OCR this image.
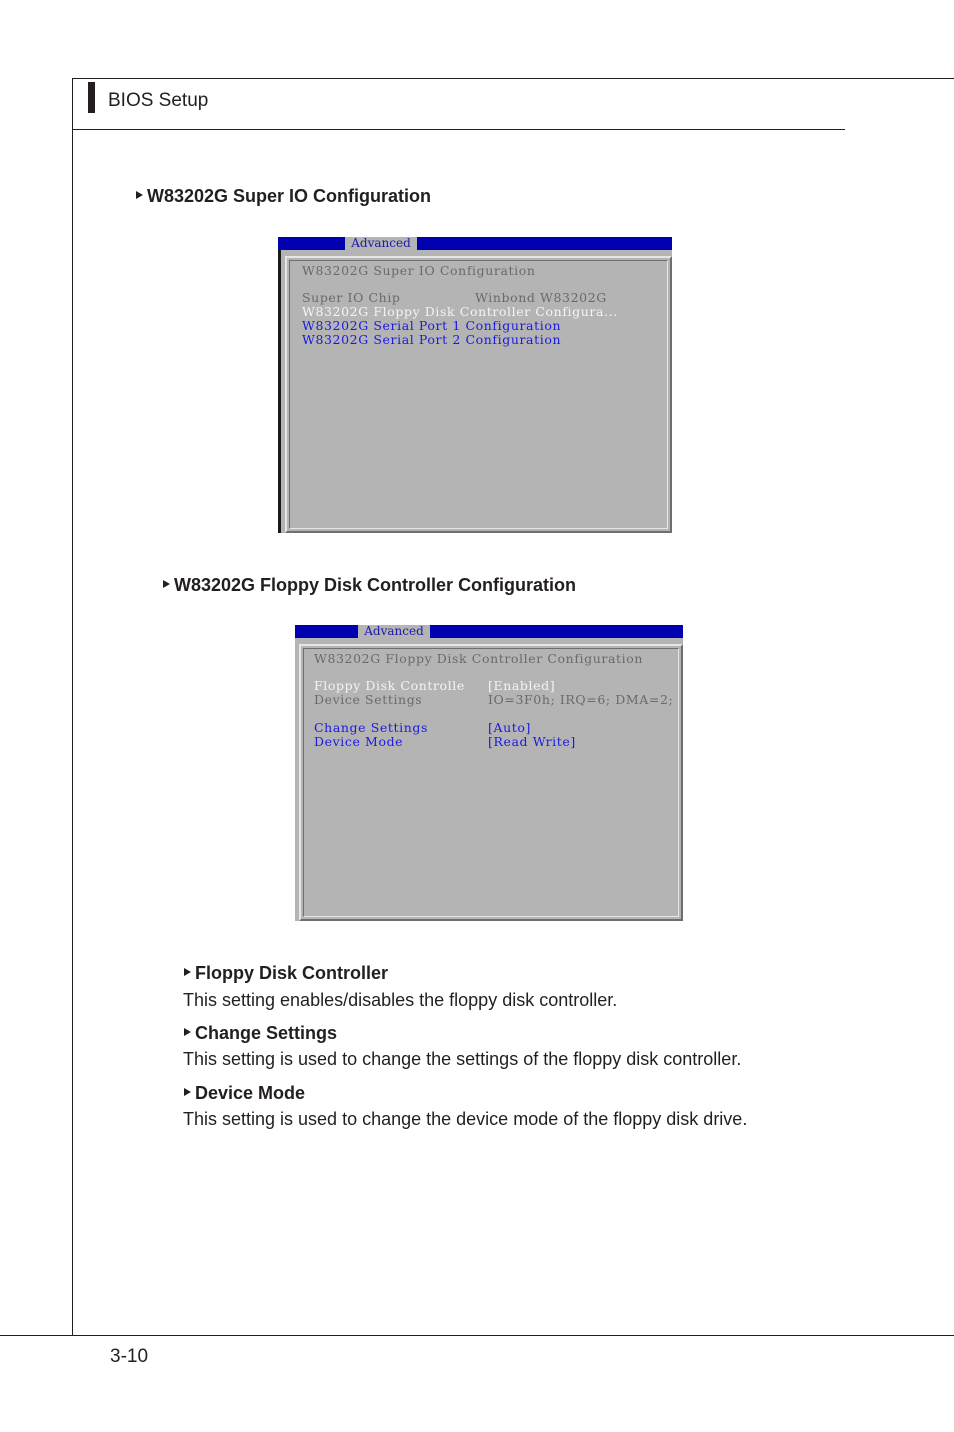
BIOS Setup
W83202G Super IO Configuration
Advanced
W83202G Super IO Configuration
Super IO Chip	Winbond W83202G
W83202G Floppy Disk Controller Configura...
W83202G Serial Port 1 Configuration
W83202G Serial Port 2 Configuration
W83202G Floppy Disk Controller Configuration
Advanced
W83202G Floppy Disk Controller Configuration
Floppy Disk Controlle [Enabled]
Device Settings	IO=3F0h; IRQ=6; DMA=2;
Change Settings	[Auto]
Device Mode	[Read Write]
Floppy Disk Controller
This setting enables/disables the floppy disk controller.
Change Settings
This setting is used to change the settings of the floppy disk controller.
Device Mode
This setting is used to change the device mode of the floppy disk drive.
3-10
